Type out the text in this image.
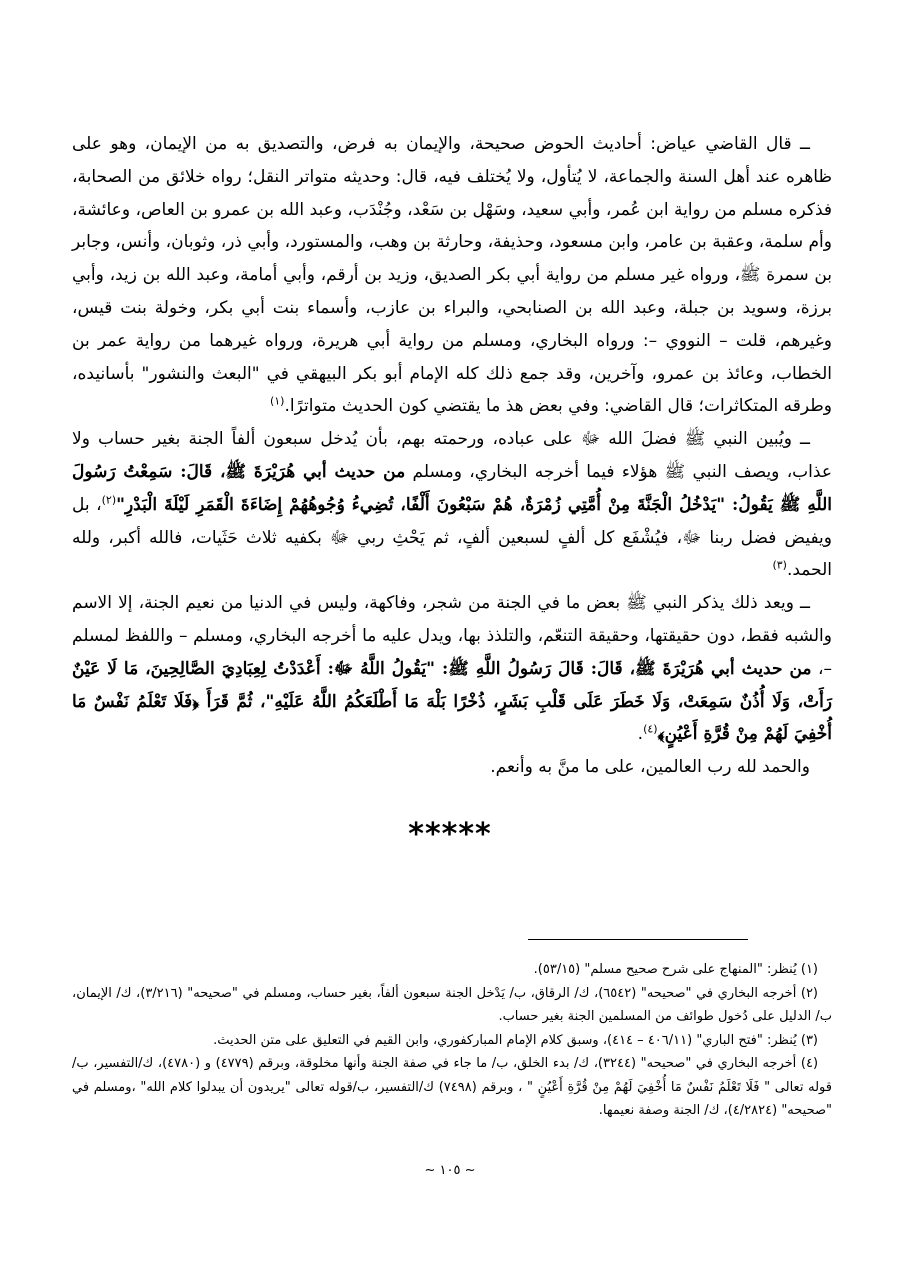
ــ قال القاضي عياض: أحاديث الحوض صحيحة، والإيمان به فرض، والتصديق به من الإيمان، وهو على ظاهره عند أهل السنة والجماعة، لا يُتأول، ولا يُختلف فيه، قال: وحديثه متواتر النقل؛ رواه خلائق من الصحابة، فذكره مسلم من رواية ابن عُمر، وأبي سعيد، وسَهْل بن سَعْد، وجُنْدَب، وعبد الله بن عمرو بن العاص، وعائشة، وأم سلمة، وعقبة بن عامر، وابن مسعود، وحذيفة، وحارثة بن وهب، والمستورد، وأبي ذر، وثوبان، وأنس، وجابر بن سمرة ﷺ، ورواه غير مسلم من رواية أبي بكر الصديق، وزيد بن أرقم، وأبي أمامة، وعبد الله بن زيد، وأبي برزة، وسويد بن جبلة، وعبد الله بن الصنابحي، والبراء بن عازب، وأسماء بنت أبي بكر، وخولة بنت قيس، وغيرهم، قلت – النووي –: ورواه البخاري، ومسلم من رواية أبي هريرة، ورواه غيرهما من رواية عمر بن الخطاب، وعائذ بن عمرو، وآخرين، وقد جمع ذلك كله الإمام أبو بكر البيهقي في "البعث والنشور" بأسانيده، وطرقه المتكاثرات؛ قال القاضي: وفي بعض هذ ما يقتضي كون الحديث متواترًا.$^{(١)}$

ــ ويُبين النبي ﷺ فضلَ الله ﷻ على عباده، ورحمته بهم، بأن يُدخل سبعون ألفاً الجنة بغير حساب ولا عذاب، ويصف النبي ﷺ هؤلاء فيما أخرجه البخاري، ومسلم من حديث أبي هُرَيْرَةَ ﷺ، قَالَ: سَمِعْتُ رَسُولَ اللَّهِ ﷺ يَقُولُ: "يَدْخُلُ الْجَنَّةَ مِنْ أُمَّتِي زُمْرَةٌ، هُمْ سَبْعُونَ أَلْفًا، تُضِيءُ وُجُوهُهُمْ إِضَاءَةَ الْقَمَرِ لَيْلَةَ الْبَدْرِ"$^{(٢)}$، بل ويفيض فضل ربنا ﷻ، فيُشْفَع كل ألفٍ لسبعين ألفٍ، ثم يَحْثِ ربي ﷻ بكفيه ثلاث حَثَيات، فالله أكبر، ولله الحمد.$^{(٣)}$

ــ ويعد ذلك يذكر النبي ﷺ بعض ما في الجنة من شجر، وفاكهة، وليس في الدنيا من نعيم الجنة، إلا الاسم والشبه فقط، دون حقيقتها، وحقيقة التنعّم، والتلذذ بها، ويدل عليه ما أخرجه البخاري، ومسلم – واللفظ لمسلم –، من حديث أبي هُرَيْرَةَ ﷺ، قَالَ: قَالَ رَسُولُ اللَّهِ ﷺ: "يَقُولُ اللَّهُ ﷻ: أَعْدَدْتُ لِعِبَادِيَ الصَّالِحِينَ، مَا لَا عَيْنٌ رَأَتْ، وَلَا أُذُنٌ سَمِعَتْ، وَلَا خَطَرَ عَلَى قَلْبِ بَشَرٍ، ذُخْرًا بَلْهَ مَا أَطْلَعَكُمُ اللَّهُ عَلَيْهِ"، ثُمَّ قَرَأَ ﴿فَلَا تَعْلَمُ نَفْسٌ مَا أُخْفِيَ لَهُمْ مِنْ قُرَّةِ أَعْيُنٍ﴾$^{(٤)}$.

والحمد لله رب العالمين، على ما منَّ به وأنعم.

*****

(١) يُنظر: "المنهاج على شرح صحيح مسلم" (٥٣/١٥).

(٢) أخرجه البخاري في "صحيحه" (٦٥٤٢)، ك/ الرقاق، ب/ يَدْخل الجنة سبعون ألفاً، بغير حساب، ومسلم في "صحيحه" (٣/٢١٦)، ك/ الإيمان، ب/ الدليل على دُخول طوائف من المسلمين الجنة بغير حساب.

(٣) يُنظر: "فتح الباري" (٤٠٦/١١ – ٤١٤)، وسبق كلام الإمام المباركفوري، وابن القيم في التعليق على متن الحديث.

(٤) أخرجه البخاري في "صحيحه" (٣٢٤٤)، ك/ بدء الخلق، ب/ ما جاء في صفة الجنة وأنها مخلوقة، وبرقم (٤٧٧٩) و (٤٧٨٠)، ك/التفسير، ب/قوله تعالى " فَلَا تَعْلَمُ نَفْسٌ مَا أُخْفِيَ لَهُمْ مِنْ قُرَّةِ أَعْيُنٍ " ، وبرقم (٧٤٩٨) ك/التفسير، ب/قوله تعالى "يريدون أن يبدلوا كلام الله" ،ومسلم في "صحيحه" (٤/٢٨٢٤)، ك/ الجنة وصفة نعيمها.

~ ١٠٥ ~
